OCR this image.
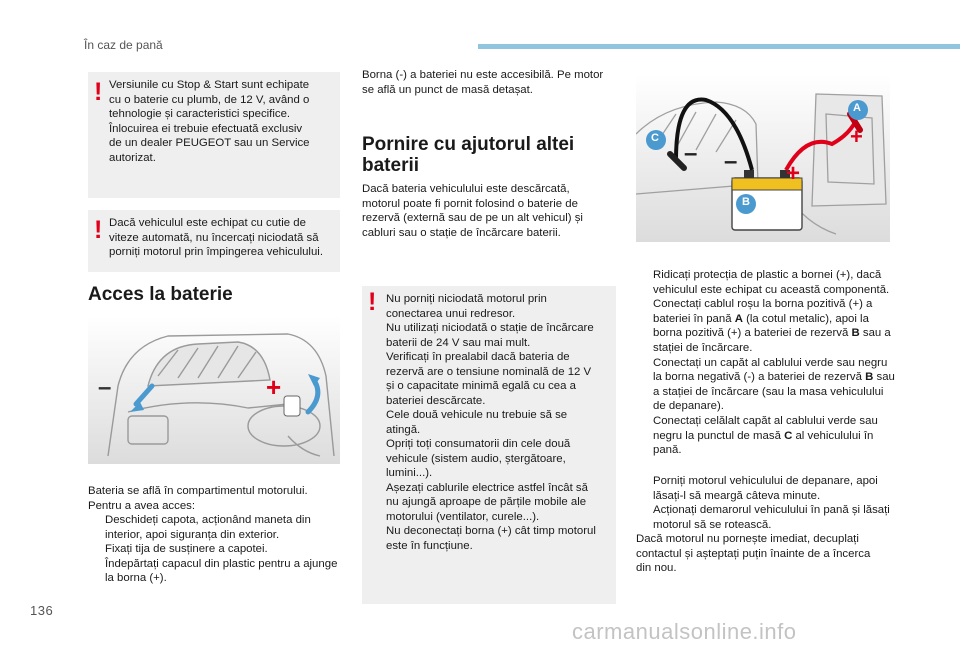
În caz de pană
136
carmanualsonline.info
! Versiunile cu Stop & Start sunt echipate
cu o baterie cu plumb, de 12 V, având o
tehnologie și caracteristici specifice.
Înlocuirea ei trebuie efectuată exclusiv
de un dealer PEUGEOT sau un Service
autorizat.
! Dacă vehiculul este echipat cu cutie de
viteze automată, nu încercați niciodată să
porniți motorul prin împingerea vehiculului.
Acces la baterie
–	+
Bateria se află în compartimentul motorului.
Pentru a avea acces:
Deschideți capota, acționând maneta din interior, apoi siguranța din exterior.
Fixați tija de susținere a capotei.
Îndepărtați capacul din plastic pentru a ajunge la borna (+).
Borna (-) a bateriei nu este accesibilă. Pe motor
se află un punct de masă detașat.
Pornire cu ajutorul altei
baterii
Dacă bateria vehiculului este descărcată,
motorul poate fi pornit folosind o baterie de
rezervă (externă sau de pe un alt vehicul) și
cabluri sau o stație de încărcare baterii.
! Nu porniți niciodată motorul prin
conectarea unui redresor.
Nu utilizați niciodată o stație de încărcare
baterii de 24 V sau mai mult.
Verificați în prealabil dacă bateria de
rezervă are o tensiune nominală de 12 V
și o capacitate minimă egală cu cea a
bateriei descărcate.
Cele două vehicule nu trebuie să se
atingă.
Opriți toți consumatorii din cele două
vehicule (sistem audio, ștergătoare,
lumini...).
Așezați cablurile electrice astfel încât să
nu ajungă aproape de părțile mobile ale
motorului (ventilator, curele...).
Nu deconectați borna (+) cât timp motorul
este în funcțiune.
C
A
B
– – +
+
Ridicați protecția de plastic a bornei (+), dacă vehiculul este echipat cu această componentă.
Conectați cablul roșu la borna pozitivă (+) a bateriei în pană A (la cotul metalic), apoi la borna pozitivă (+) a bateriei de rezervă B sau a stației de încărcare.
Conectați un capăt al cablului verde sau negru la borna negativă (-) a bateriei de rezervă B sau a stației de încărcare (sau la masa vehiculului de depanare).
Conectați celălalt capăt al cablului verde sau negru la punctul de masă C al vehiculului în pană.
Porniți motorul vehiculului de depanare, apoi lăsați-l să meargă câteva minute.
Acționați demarorul vehiculului în pană și lăsați motorul să se rotească.
Dacă motorul nu pornește imediat, decuplați
contactul și așteptați puțin înainte de a încerca
din nou.
